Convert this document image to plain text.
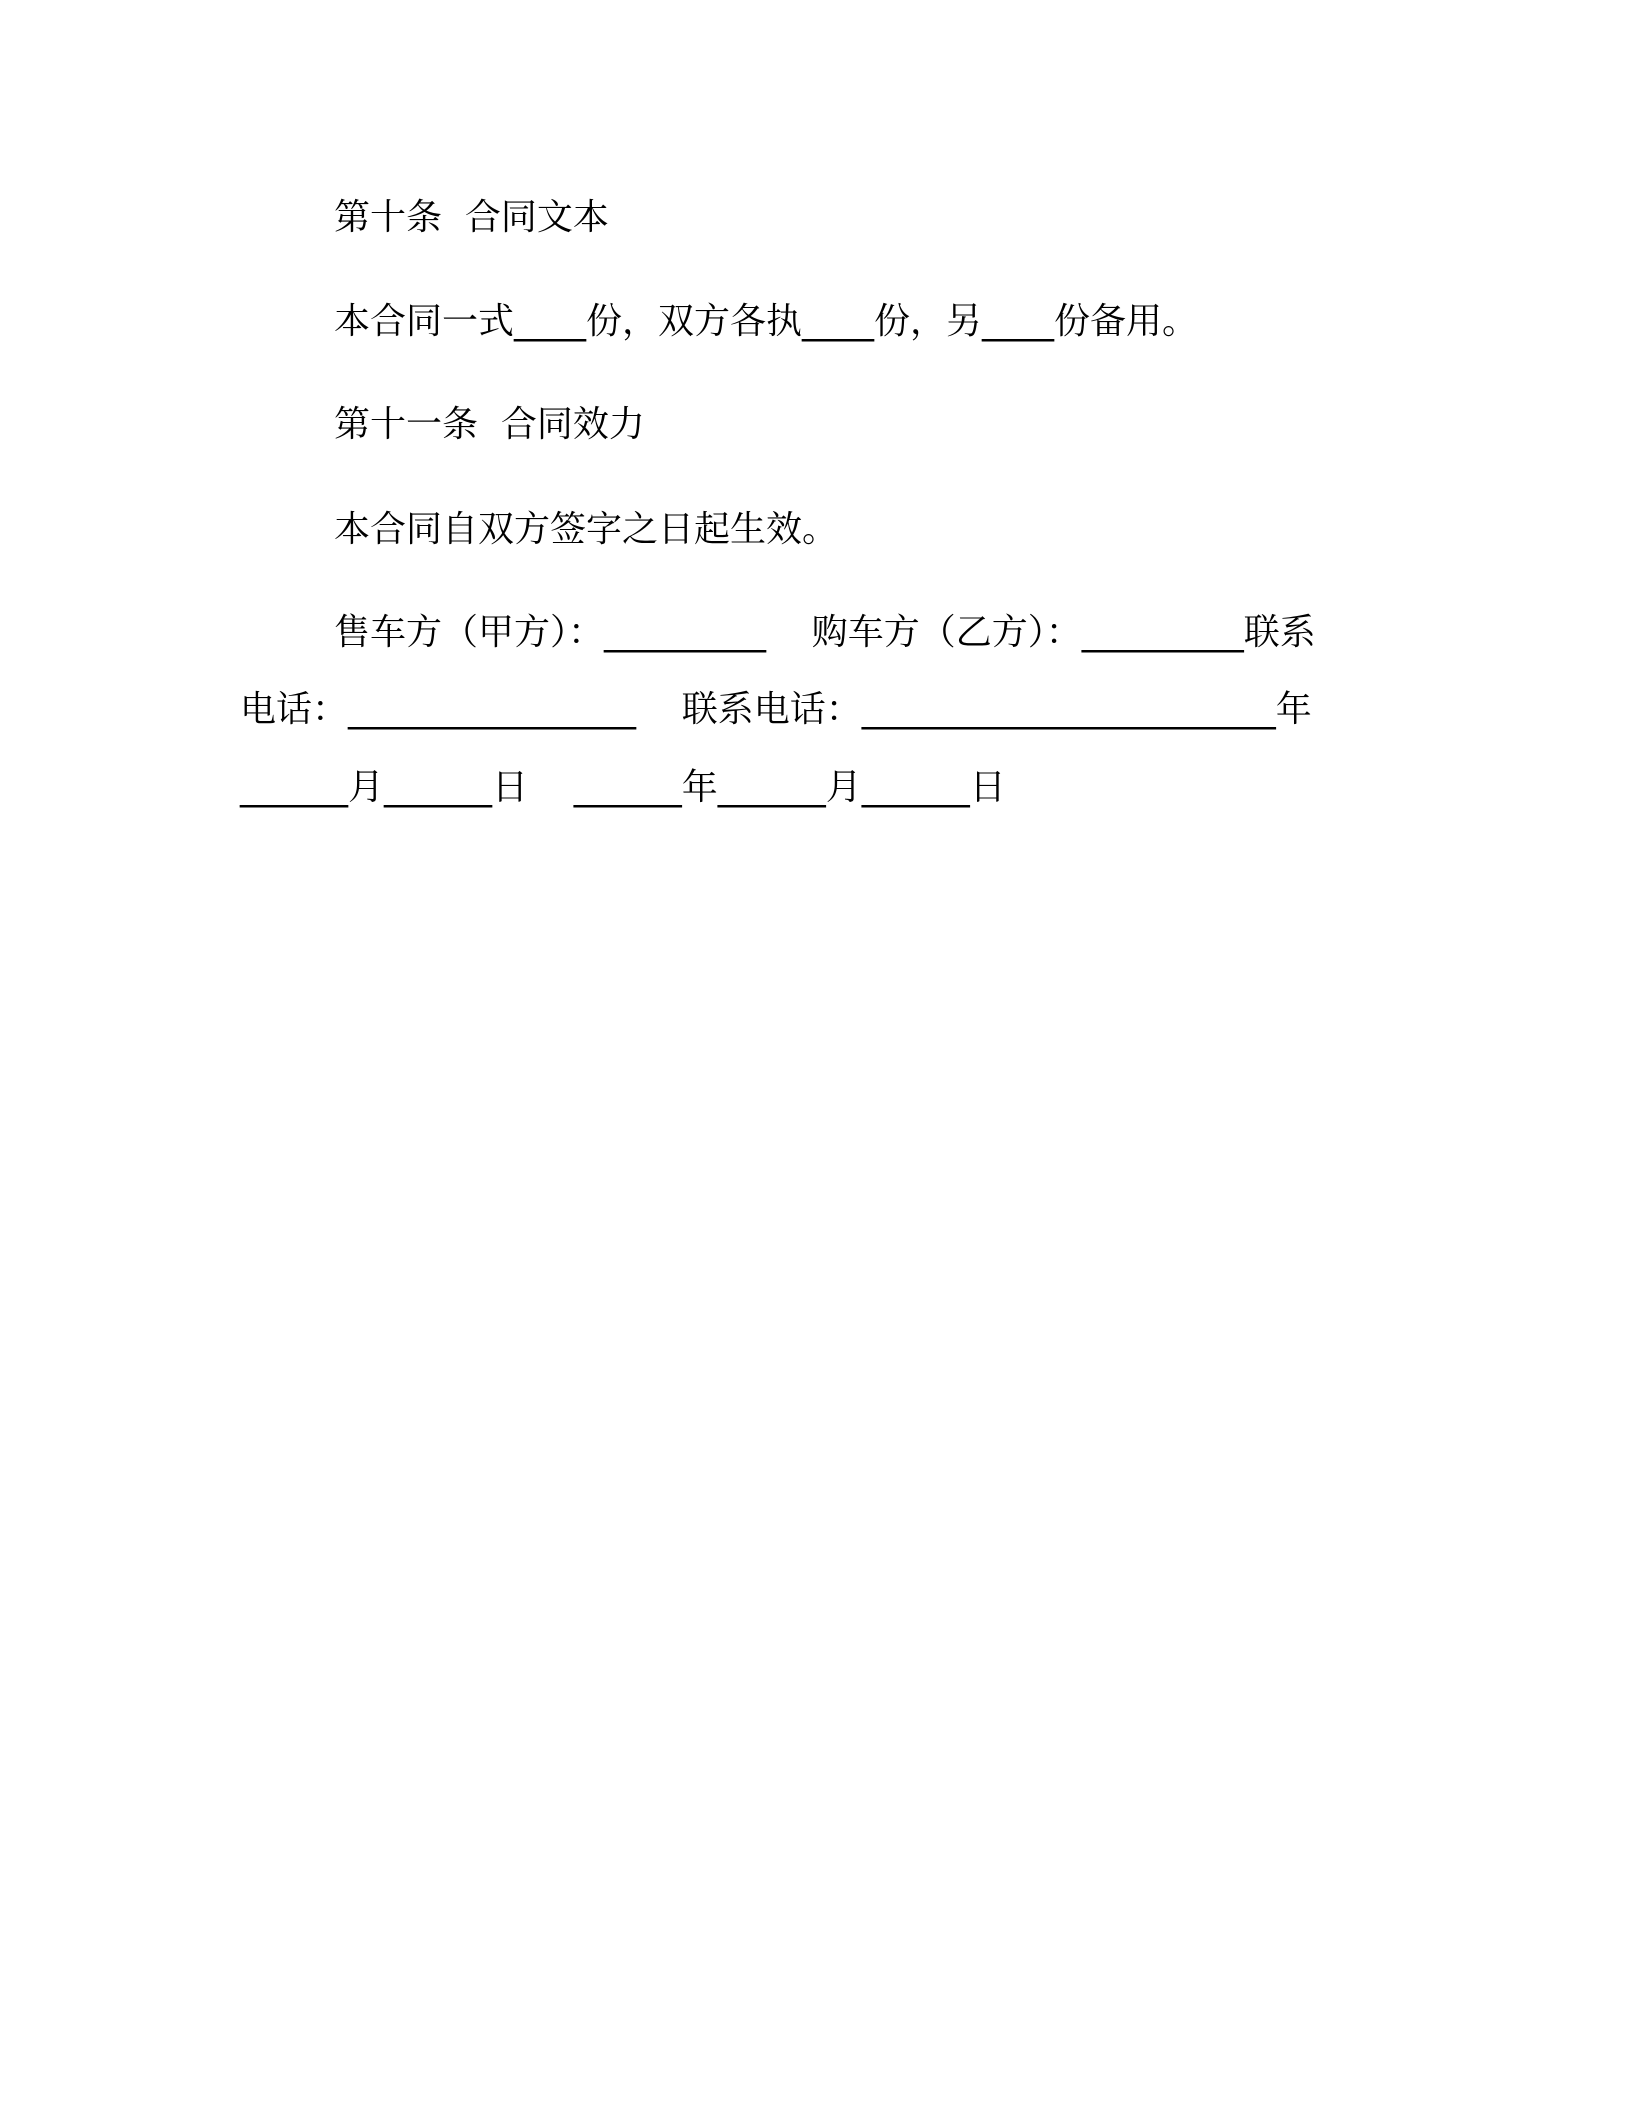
第十条  合同文本
本合同一式____份，双方各执____份，另____份备用。
第十一条  合同效力
本合同自双方签字之日起生效。
售车方（甲方）：_________    购车方（乙方）：_________联系
电话：________________    联系电话：_______________________年
______月______日    ______年______月______日
